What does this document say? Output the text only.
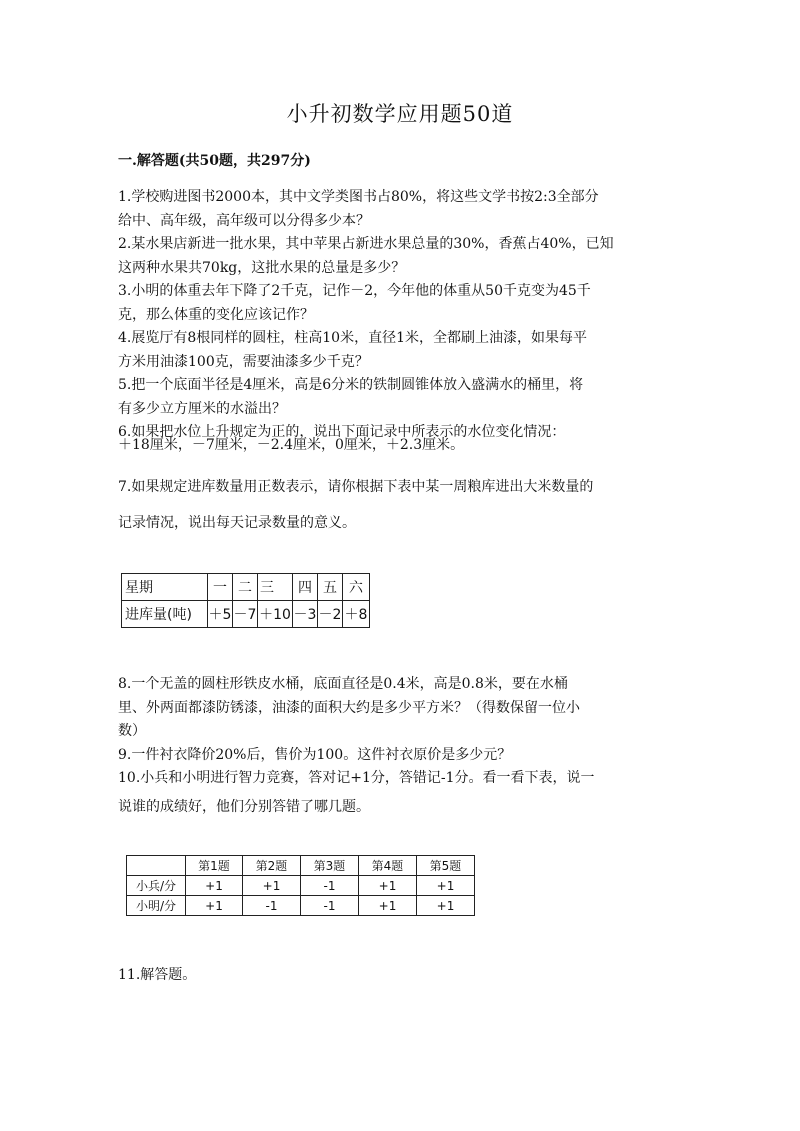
小升初数学应用题50道
一.解答题(共50题，共297分)
1.学校购进图书2000本，其中文学类图书占80%，将这些文学书按2:3全部分
给中、高年级，高年级可以分得多少本？
2.某水果店新进一批水果，其中苹果占新进水果总量的30%，香蕉占40%，已知
这两种水果共70kg，这批水果的总量是多少？
3.小明的体重去年下降了2千克，记作－2，今年他的体重从50千克变为45千
克，那么体重的变化应该记作？
4.展览厅有8根同样的圆柱，柱高10米，直径1米，全都刷上油漆，如果每平
方米用油漆100克，需要油漆多少千克？
5.把一个底面半径是4厘米，高是6分米的铁制圆锥体放入盛满水的桶里，将
有多少立方厘米的水溢出？
6.如果把水位上升规定为正的，说出下面记录中所表示的水位变化情况：
＋18厘米，－7厘米，－2.4厘米，0厘米，＋2.3厘米。
7.如果规定进库数量用正数表示，请你根据下表中某一周粮库进出大米数量的
记录情况，说出每天记录数量的意义。
星期	一	二	三	四	五	六
进库量(吨)	＋5	－7	＋10	－3	－2	＋8
8.一个无盖的圆柱形铁皮水桶，底面直径是0.4米，高是0.8米，要在水桶
里、外两面都漆防锈漆，油漆的面积大约是多少平方米？（得数保留一位小
数）
9.一件衬衣降价20%后，售价为100。这件衬衣原价是多少元？
10.小兵和小明进行智力竞赛，答对记+1分，答错记-1分。看一看下表，说一
说谁的成绩好，他们分别答错了哪几题。
	第1题	第2题	第3题	第4题	第5题
小兵/分	+1	+1	-1	+1	+1
小明/分	+1	-1	-1	+1	+1
11.解答题。
